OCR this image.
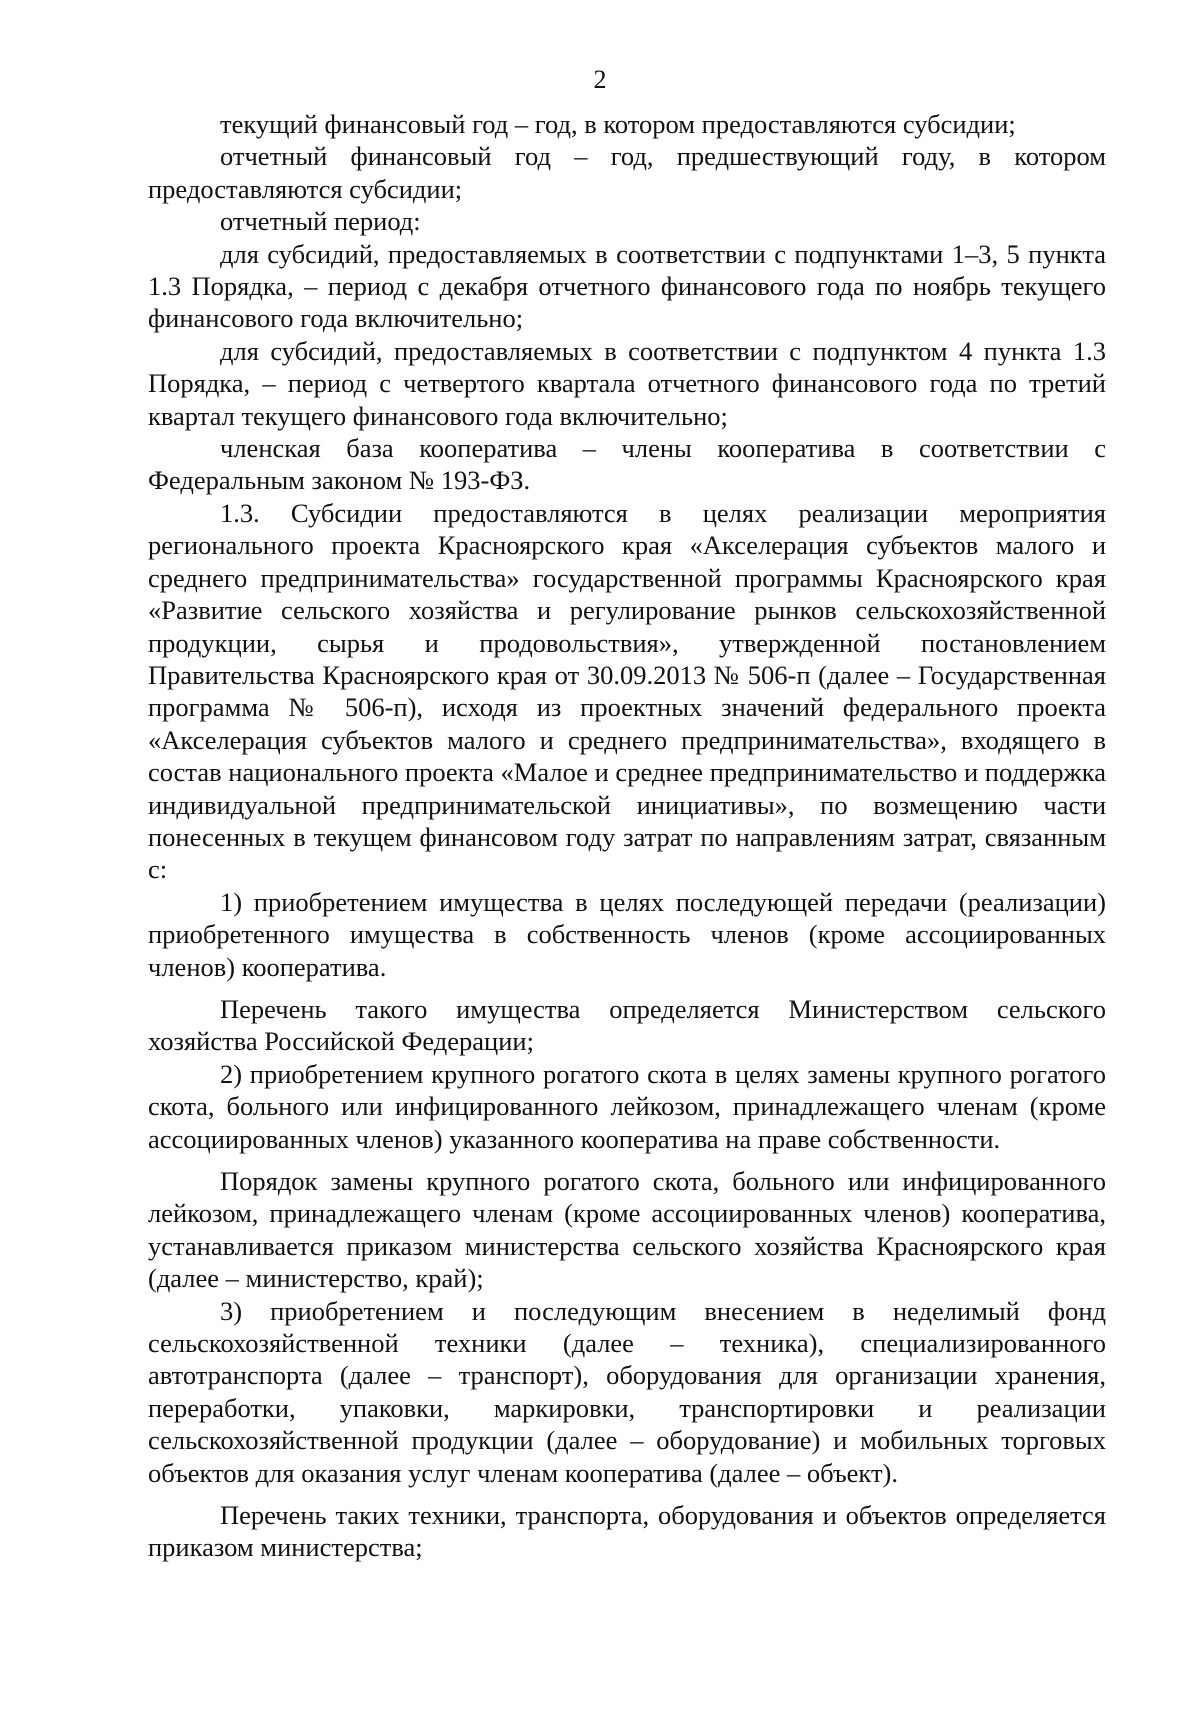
2

текущий финансовый год – год, в котором предоставляются субсидии;

отчетный финансовый год – год, предшествующий году, в котором предоставляются субсидии;

отчетный период:

для субсидий, предоставляемых в соответствии с подпунктами 1–3, 5 пункта 1.3 Порядка, – период с декабря отчетного финансового года по ноябрь текущего финансового года включительно;

для субсидий, предоставляемых в соответствии с подпунктом 4 пункта 1.3 Порядка, – период с четвертого квартала отчетного финансового года по третий квартал текущего финансового года включительно;

членская база кооператива – члены кооператива в соответствии с Федеральным законом № 193-ФЗ.

1.3. Субсидии предоставляются в целях реализации мероприятия регионального проекта Красноярского края «Акселерация субъектов малого и среднего предпринимательства» государственной программы Красноярского края «Развитие сельского хозяйства и регулирование рынков сельскохозяйственной продукции, сырья и продовольствия», утвержденной постановлением Правительства Красноярского края от 30.09.2013 № 506-п (далее – Государственная программа № 506-п), исходя из проектных значений федерального проекта «Акселерация субъектов малого и среднего предпринимательства», входящего в состав национального проекта «Малое и среднее предпринимательство и поддержка индивидуальной предпринимательской инициативы», по возмещению части понесенных в текущем финансовом году затрат по направлениям затрат, связанным с:

1) приобретением имущества в целях последующей передачи (реализации) приобретенного имущества в собственность членов (кроме ассоциированных членов) кооператива.

Перечень такого имущества определяется Министерством сельского хозяйства Российской Федерации;

2) приобретением крупного рогатого скота в целях замены крупного рогатого скота, больного или инфицированного лейкозом, принадлежащего членам (кроме ассоциированных членов) указанного кооператива на праве собственности.

Порядок замены крупного рогатого скота, больного или инфицированного лейкозом, принадлежащего членам (кроме ассоциированных членов) кооператива, устанавливается приказом министерства сельского хозяйства Красноярского края (далее – министерство, край);

3) приобретением и последующим внесением в неделимый фонд сельскохозяйственной техники (далее – техника), специализированного автотранспорта (далее – транспорт), оборудования для организации хранения, переработки, упаковки, маркировки, транспортировки и реализации сельскохозяйственной продукции (далее – оборудование) и мобильных торговых объектов для оказания услуг членам кооператива (далее – объект).

Перечень таких техники, транспорта, оборудования и объектов определяется приказом министерства;
